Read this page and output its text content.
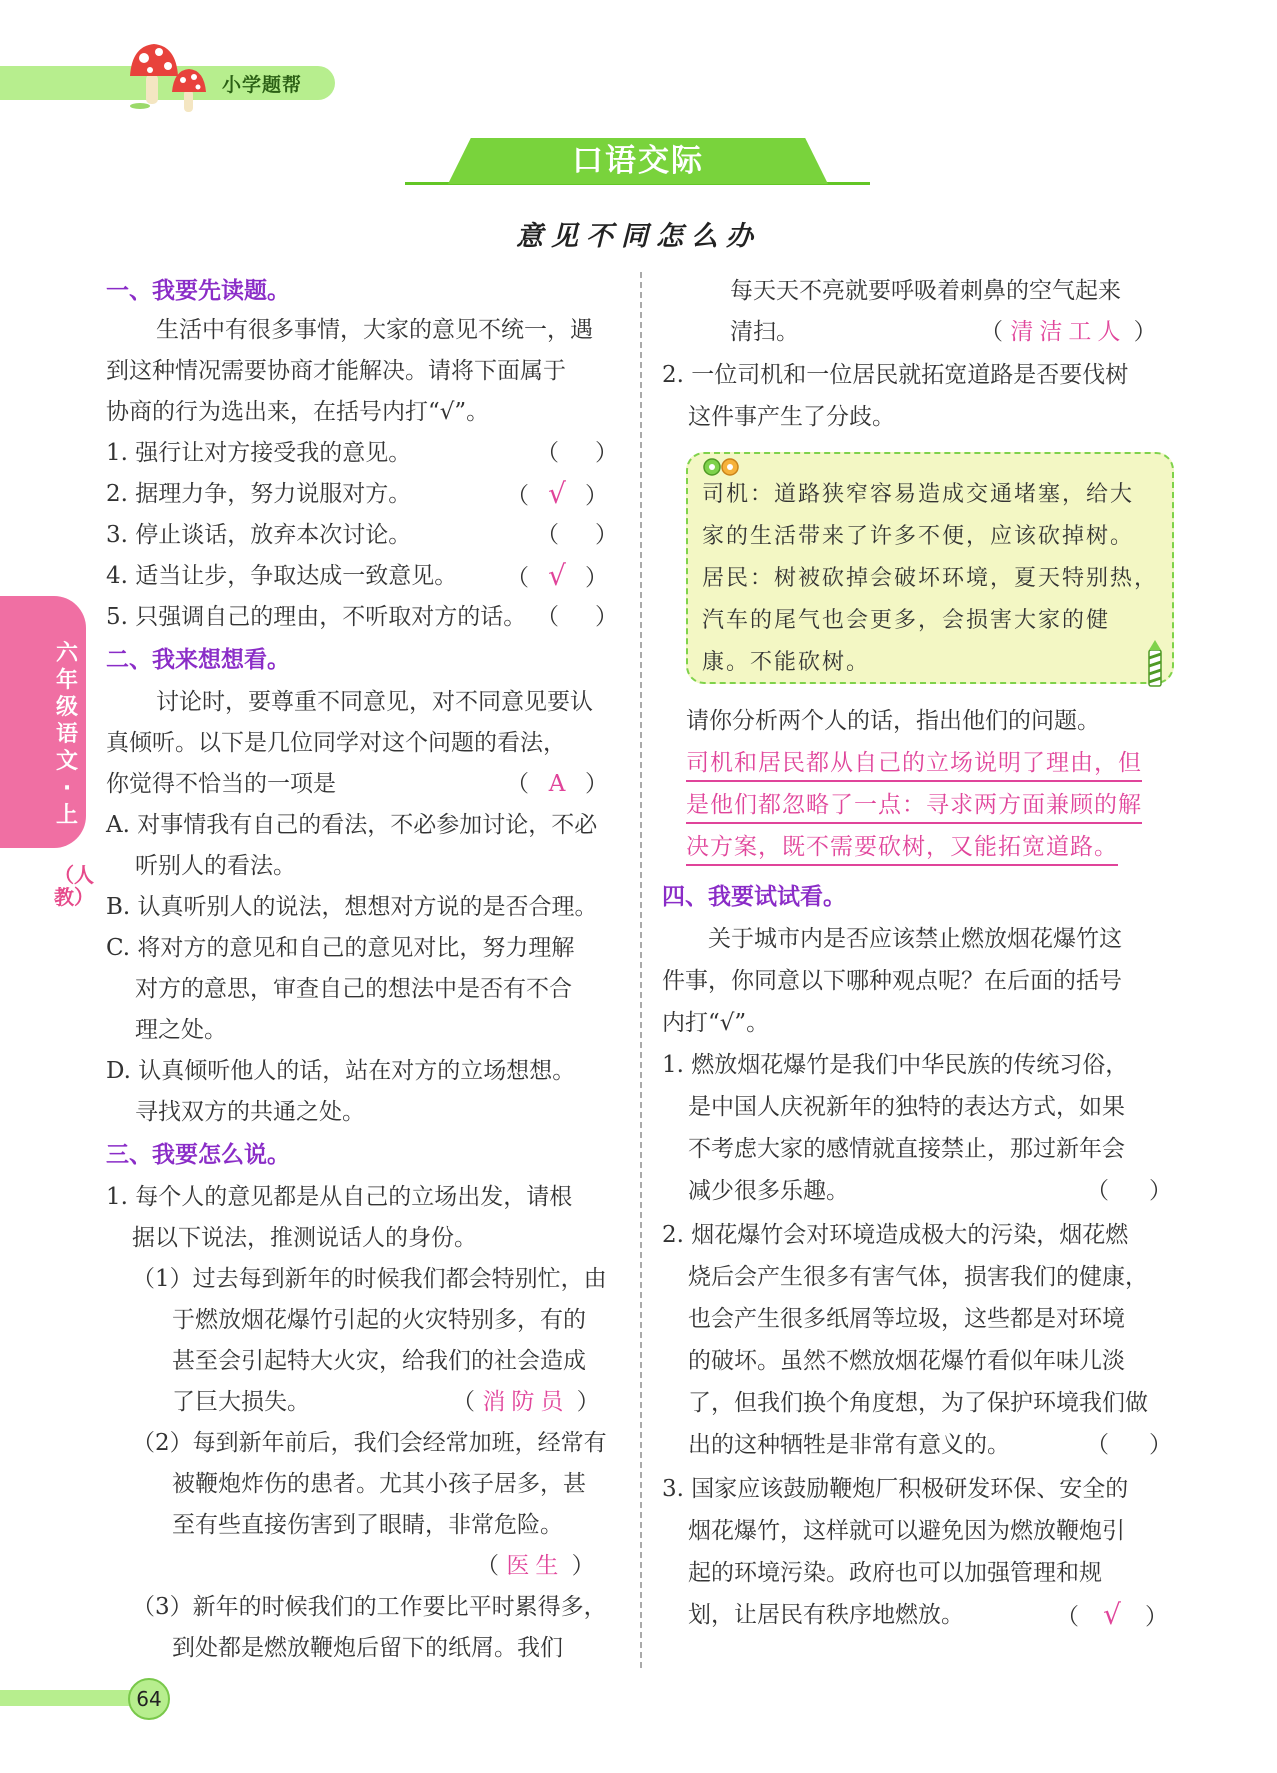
小学题帮
口语交际
意见不同怎么办
六年级语文·上
（人教）
一、我要先读题。
生活中有很多事情，大家的意见不统一，遇
到这种情况需要协商才能解决。请将下面属于
协商的行为选出来，在括号内打“√”。
1. 强行让对方接受我的意见。	（ ）
2. 据理力争，努力说服对方。	（ √ ）
3. 停止谈话，放弃本次讨论。	（ ）
4. 适当让步，争取达成一致意见。 （ √ ）
5. 只强调自己的理由，不听取对方的话。 （ ）
二、我来想想看。
讨论时，要尊重不同意见，对不同意见要认
真倾听。以下是几位同学对这个问题的看法，
你觉得不恰当的一项是	（ A ）
A. 对事情我有自己的看法，不必参加讨论，不必
听别人的看法。
B. 认真听别人的说法，想想对方说的是否合理。
C. 将对方的意见和自己的意见对比，努力理解
对方的意思，审查自己的想法中是否有不合
理之处。
D. 认真倾听他人的话，站在对方的立场想想。
寻找双方的共通之处。
三、我要怎么说。
1. 每个人的意见都是从自己的立场出发，请根
据以下说法，推测说话人的身份。
（1）过去每到新年的时候我们都会特别忙，由
于燃放烟花爆竹引起的火灾特别多，有的
甚至会引起特大火灾，给我们的社会造成
了巨大损失。	（ 消防员 ）
（2）每到新年前后，我们会经常加班，经常有
被鞭炮炸伤的患者。尤其小孩子居多，甚
至有些直接伤害到了眼睛，非常危险。
（ 医生 ）
（3）新年的时候我们的工作要比平时累得多，
到处都是燃放鞭炮后留下的纸屑。我们
每天天不亮就要呼吸着刺鼻的空气起来
清扫。	（ 清洁工人 ）
2. 一位司机和一位居民就拓宽道路是否要伐树
这件事产生了分歧。
司机：道路狭窄容易造成交通堵塞，给大
家的生活带来了许多不便，应该砍掉树。
居民：树被砍掉会破坏环境，夏天特别热，
汽车的尾气也会更多，会损害大家的健
康。不能砍树。
请你分析两个人的话，指出他们的问题。
司机和居民都从自己的立场说明了理由，但
是他们都忽略了一点：寻求两方面兼顾的解
决方案，既不需要砍树，又能拓宽道路。
四、我要试试看。
关于城市内是否应该禁止燃放烟花爆竹这
件事，你同意以下哪种观点呢？在后面的括号
内打“√”。
1. 燃放烟花爆竹是我们中华民族的传统习俗，
是中国人庆祝新年的独特的表达方式，如果
不考虑大家的感情就直接禁止，那过新年会
减少很多乐趣。	（ ）
2. 烟花爆竹会对环境造成极大的污染，烟花燃
烧后会产生很多有害气体，损害我们的健康，
也会产生很多纸屑等垃圾，这些都是对环境
的破坏。虽然不燃放烟花爆竹看似年味儿淡
了，但我们换个角度想，为了保护环境我们做
出的这种牺牲是非常有意义的。	（ ）
3. 国家应该鼓励鞭炮厂积极研发环保、安全的
烟花爆竹，这样就可以避免因为燃放鞭炮引
起的环境污染。政府也可以加强管理和规
划，让居民有秩序地燃放。	（ √ ）
64
